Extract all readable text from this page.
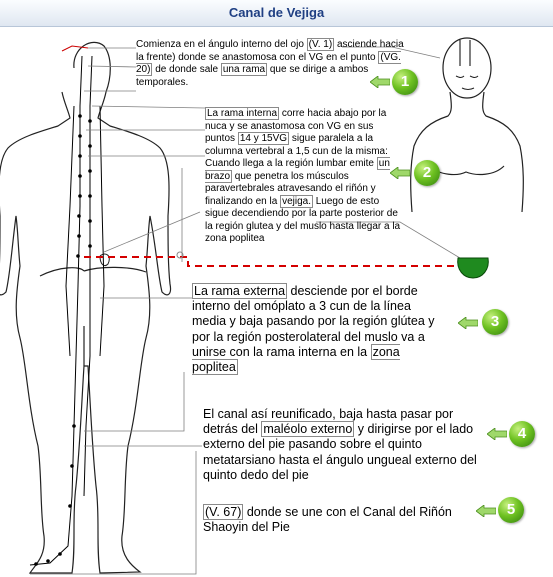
Canal de Vejiga
Comienza en el ángulo interno del ojo (V. 1) asciende hacia la frente) donde se anastomosa con el VG en el punto (VG. 20) de donde sale una rama que se dirige a ambos temporales.
La rama interna corre hacia abajo por la nuca y se anastomosa con VG en sus puntos 14 y 15VG sigue paralela a la columna vertebral a 1,5 cun de la misma: Cuando llega a la región lumbar emite un brazo que penetra los músculos paravertebrales atravesando el riñón y finalizando en la vejiga. Luego de esto sigue decendiendo por la parte posterior de la región glutea y del muslo hasta llegar a la zona poplitea
La rama externa desciende por el borde interno del omóplato a 3 cun de la línea media y baja pasando por la región glútea y por la región posterolateral del muslo va a unirse con la rama interna en la zona poplitea
El canal así reunificado, baja hasta pasar por detrás del maléolo externo y dirigirse por el lado externo del pie pasando sobre el quinto metatarsiano hasta el ángulo ungueal externo del quinto dedo del pie
(V. 67) donde se une con el Canal del Riñón Shaoyin del Pie
1
2
3
4
5
